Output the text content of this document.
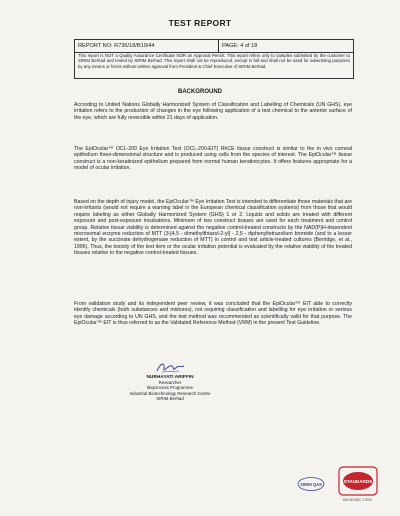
TEST REPORT
REPORT NO: R736/18/B19/44	PAGE: 4 of 18
This report is NOT a Quality Assurance Certificate NOR an Approval Permit. This report refers only to samples submitted by the customer to SIRIM Berhad and tested by SIRIM Berhad. This report shall not be reproduced, except in full and shall not be used for advertising purposes by any means or forms without written approval from President & Chief Executive of SIRIM Berhad.
BACKGROUND

According to United Nations Globally Harmonized System of Classification and Labelling of Chemicals (UN GHS), eye irritation refers to the production of changes in the eye following application of a test chemical to the anterior surface of the eye, which are fully reversible within 21 days of application.

The EpiOcular™ OCL-200 Eye Irritation Test (OCL-200-EIT) RhCE tissue construct is similar to the in vivo corneal epithelium three-dimensional structure and is produced using cells from the species of interest. The EpiOcular™ tissue construct is a non-keratinized epithelium prepared from normal human keratinocytes. It offers features appropriate for a model of ocular irritation.

Based on the depth of injury model, the EpiOcular™ Eye Irritation Test is intended to differentiate those materials that are non-irritants (would not require a warning label in the European chemical classification systems) from those that would require labeling as either Globally Harmonized System (GHS) 1 or 2. Liquids and solids are treated with different exposure and post-exposure incubations. Minimum of two construct tissues are used for each treatment and control group. Relative tissue viability is determined against the negative control-treated constructs by the NAD(P)H-dependent microsomal enzyme reduction of MTT (3-[4,5 - dimethylthiazol-2-yl] - 2,5 - diphenyltetrazolium bromide (and to a lesser extent, by the succinate dehydrogenase reduction of MTT) in control and test article-treated cultures (Berridge, et al., 1996). Thus, the toxicity of the test item or the ocular irritation potential is evaluated by the relative viability of the treated tissues relative to the negative control-treated tissues.

From validation study and its independent peer review, it was concluded that the EpiOcular™ EIT able to correctly identify chemicals (both substances and mixtures), not requiring classification and labelling for eye irritation or serious eye damage according to UN GHS, and the test method was recommended as scientifically valid for that purpose. The EpiOcular™ EIT is thus referred to as the Validated Reference Method (VRM) in the present Test Guideline.

NURHAYATI ARIFFIN
Researcher
Bioprocess Programme
Industrial Biotechnology Research Centre
SIRIM Berhad
SIRIM QAS
STANDARDS
MS ISO/IEC 17025
